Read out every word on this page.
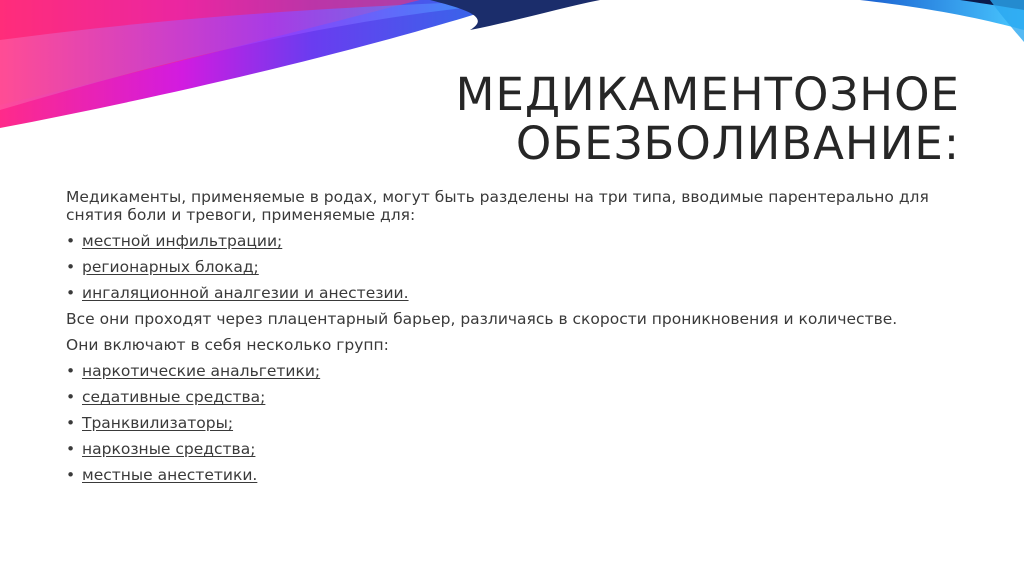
МЕДИКАМЕНТОЗНОЕ
ОБЕЗБОЛИВАНИЕ:

Медикаменты, применяемые в родах, могут быть разделены на три типа, вводимые парентерально для снятия боли и тревоги, применяемые для:

• местной инфильтрации;
• регионарных блокад;
• ингаляционной аналгезии и анестезии.

Все они проходят через плацентарный барьер, различаясь в скорости проникновения и количестве.

Они включают в себя несколько групп:

• наркотические анальгетики;
• седативные средства;
• Транквилизаторы;
• наркозные средства;
• местные анестетики.
